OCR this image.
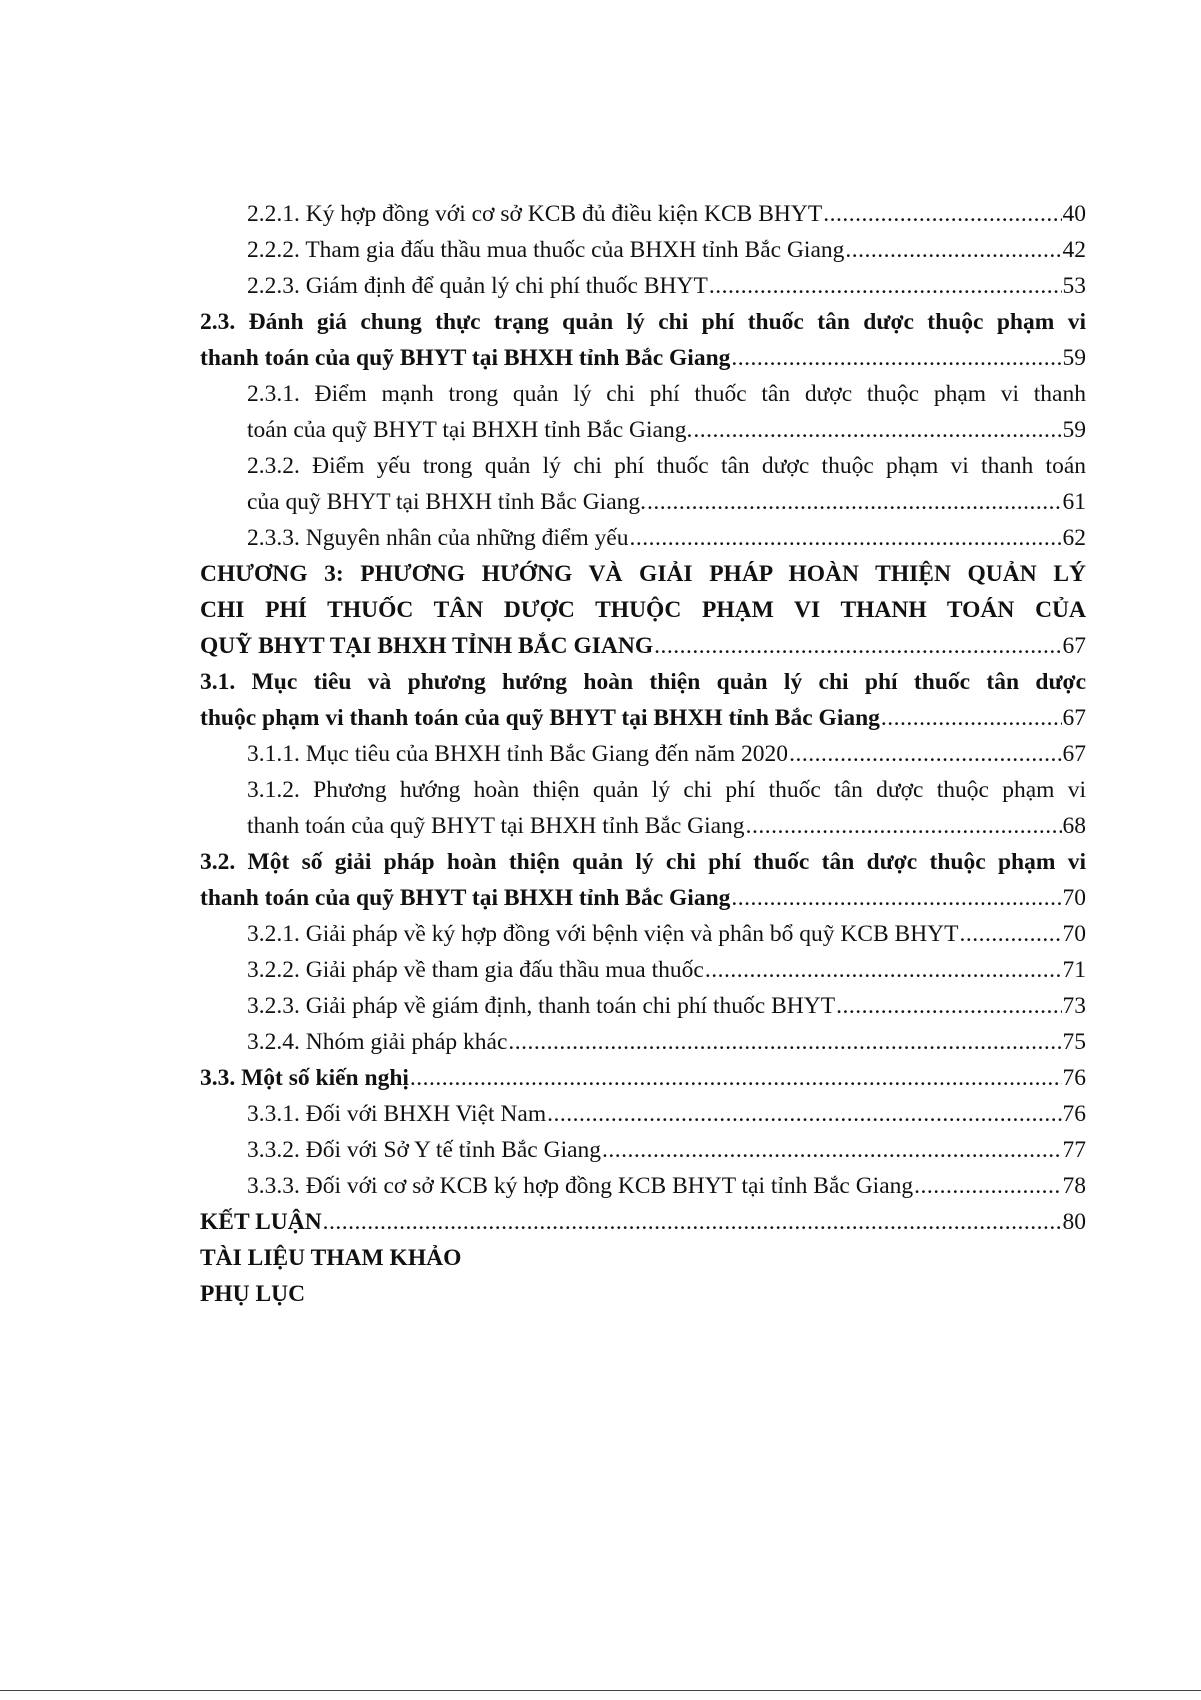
2.2.1. Ký hợp đồng với cơ sở KCB đủ điều kiện KCB BHYT .....	40
2.2.2. Tham gia đấu thầu mua thuốc của BHXH tỉnh Bắc Giang .....	42
2.2.3. Giám định để quản lý chi phí thuốc BHYT .....	53
2.3. Đánh giá chung thực trạng quản lý chi phí thuốc tân dược thuộc phạm vi
thanh toán của quỹ BHYT tại BHXH tỉnh Bắc Giang .....	59
2.3.1. Điểm mạnh trong quản lý chi phí thuốc tân dược thuộc phạm vi thanh
toán của quỹ BHYT tại BHXH tỉnh Bắc Giang. .....	59
2.3.2. Điểm yếu trong quản lý chi phí thuốc tân dược thuộc phạm vi thanh toán
của quỹ BHYT tại BHXH tỉnh Bắc Giang. .....	61
2.3.3. Nguyên nhân của những điểm yếu .....	62
CHƯƠNG 3: PHƯƠNG HƯỚNG VÀ GIẢI PHÁP HOÀN THIỆN QUẢN LÝ
CHI PHÍ THUỐC TÂN DƯỢC THUỘC PHẠM VI THANH TOÁN CỦA
QUỸ BHYT TẠI BHXH TỈNH BẮC GIANG .....	67
3.1. Mục tiêu và phương hướng hoàn thiện quản lý chi phí thuốc tân dược
thuộc phạm vi thanh toán của quỹ BHYT tại BHXH tỉnh Bắc Giang .....	67
3.1.1. Mục tiêu của BHXH tỉnh Bắc Giang đến năm 2020 .....	67
3.1.2. Phương hướng hoàn thiện quản lý chi phí thuốc tân dược thuộc phạm vi
thanh toán của quỹ BHYT tại BHXH tỉnh Bắc Giang .....	68
3.2. Một số giải pháp hoàn thiện quản lý chi phí thuốc tân dược thuộc phạm vi
thanh toán của quỹ BHYT tại BHXH tỉnh Bắc Giang .....	70
3.2.1. Giải pháp về ký hợp đồng với bệnh viện và phân bổ quỹ KCB BHYT .....	70
3.2.2. Giải pháp về tham gia đấu thầu mua thuốc .....	71
3.2.3. Giải pháp về giám định, thanh toán chi phí thuốc BHYT .....	73
3.2.4. Nhóm giải pháp khác .....	75
3.3. Một số kiến nghị .....	76
3.3.1. Đối với BHXH Việt Nam .....	76
3.3.2. Đối với Sở Y tế tỉnh Bắc Giang .....	77
3.3.3. Đối với cơ sở KCB ký hợp đồng KCB BHYT tại tỉnh Bắc Giang .....	78
KẾT LUẬN .....	80
TÀI LIỆU THAM KHẢO
PHỤ LỤC
